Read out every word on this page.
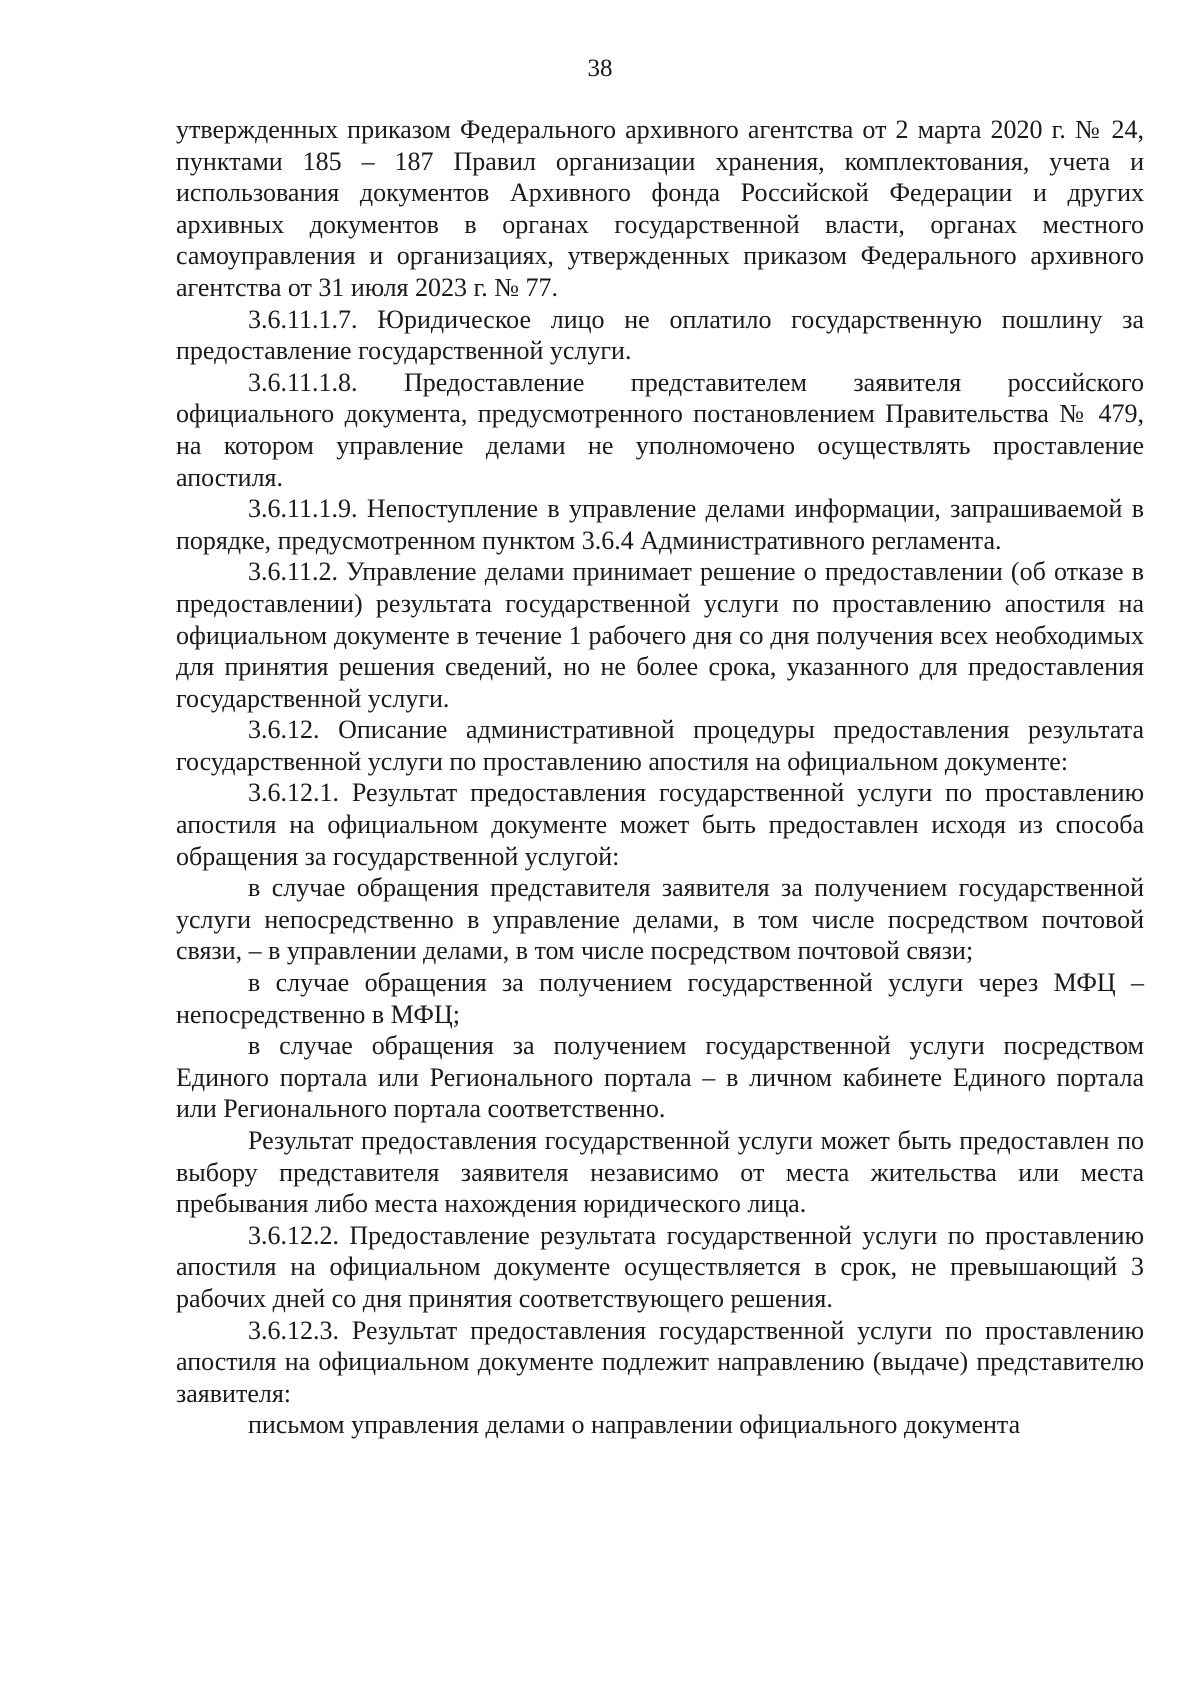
38

утвержденных приказом Федерального архивного агентства от 2 марта 2020 г. № 24, пунктами 185 – 187 Правил организации хранения, комплектования, учета и использования документов Архивного фонда Российской Федерации и других архивных документов в органах государственной власти, органах местного самоуправления и организациях, утвержденных приказом Федерального архивного агентства от 31 июля 2023 г. № 77.

3.6.11.1.7. Юридическое лицо не оплатило государственную пошлину за предоставление государственной услуги.

3.6.11.1.8. Предоставление представителем заявителя российского официального документа, предусмотренного постановлением Правительства № 479, на котором управление делами не уполномочено осуществлять проставление апостиля.

3.6.11.1.9. Непоступление в управление делами информации, запрашиваемой в порядке, предусмотренном пунктом 3.6.4 Административного регламента.

3.6.11.2. Управление делами принимает решение о предоставлении (об отказе в предоставлении) результата государственной услуги по проставлению апостиля на официальном документе в течение 1 рабочего дня со дня получения всех необходимых для принятия решения сведений, но не более срока, указанного для предоставления государственной услуги.

3.6.12. Описание административной процедуры предоставления результата государственной услуги по проставлению апостиля на официальном документе:

3.6.12.1. Результат предоставления государственной услуги по проставлению апостиля на официальном документе может быть предоставлен исходя из способа обращения за государственной услугой:

в случае обращения представителя заявителя за получением государственной услуги непосредственно в управление делами, в том числе посредством почтовой связи, – в управлении делами, в том числе посредством почтовой связи;

в случае обращения за получением государственной услуги через МФЦ – непосредственно в МФЦ;

в случае обращения за получением государственной услуги посредством Единого портала или Регионального портала – в личном кабинете Единого портала или Регионального портала соответственно.

Результат предоставления государственной услуги может быть предоставлен по выбору представителя заявителя независимо от места жительства или места пребывания либо места нахождения юридического лица.

3.6.12.2. Предоставление результата государственной услуги по проставлению апостиля на официальном документе осуществляется в срок, не превышающий 3 рабочих дней со дня принятия соответствующего решения.

3.6.12.3. Результат предоставления государственной услуги по проставлению апостиля на официальном документе подлежит направлению (выдаче) представителю заявителя:

письмом управления делами о направлении официального документа
